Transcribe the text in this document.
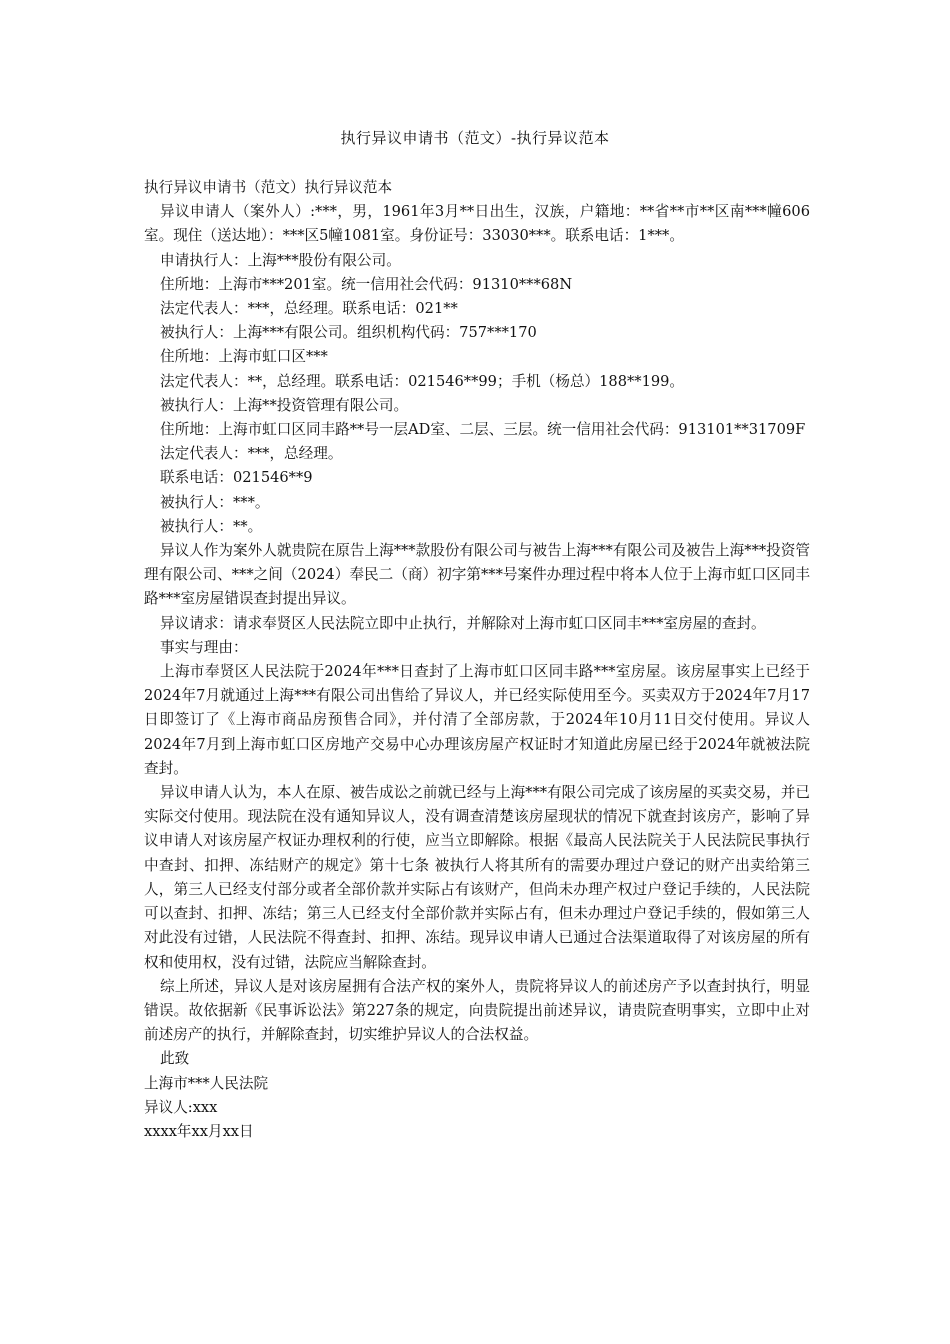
执行异议申请书（范文）-执行异议范本

执行异议申请书（范文）执行异议范本

异议申请人（案外人）:***，男，1961年3月**日出生，汉族，户籍地：**省**市**区南***幢606室。现住（送达地）：***区5幢1081室。身份证号：33030***。联系电话：1***。

申请执行人：上海***股份有限公司。

住所地：上海市***201室。统一信用社会代码：91310***68N

法定代表人：***，总经理。联系电话：021**

被执行人：上海***有限公司。组织机构代码：757***170

住所地：上海市虹口区***

法定代表人：**，总经理。联系电话：021546**99；手机（杨总）188**199。

被执行人：上海**投资管理有限公司。

住所地：上海市虹口区同丰路**号一层AD室、二层、三层。统一信用社会代码：913101**31709F

法定代表人：***，总经理。

联系电话：021546**9

被执行人：***。

被执行人：**。

异议人作为案外人就贵院在原告上海***款股份有限公司与被告上海***有限公司及被告上海***投资管理有限公司、***之间（2024）奉民二（商）初字第***号案件办理过程中将本人位于上海市虹口区同丰路***室房屋错误查封提出异议。

异议请求：请求奉贤区人民法院立即中止执行，并解除对上海市虹口区同丰***室房屋的查封。

事实与理由：

上海市奉贤区人民法院于2024年***日查封了上海市虹口区同丰路***室房屋。该房屋事实上已经于2024年7月就通过上海***有限公司出售给了异议人，并已经实际使用至今。买卖双方于2024年7月17日即签订了《上海市商品房预售合同》，并付清了全部房款，于2024年10月11日交付使用。异议人2024年7月到上海市虹口区房地产交易中心办理该房屋产权证时才知道此房屋已经于2024年就被法院查封。

异议申请人认为，本人在原、被告成讼之前就已经与上海***有限公司完成了该房屋的买卖交易，并已实际交付使用。现法院在没有通知异议人，没有调查清楚该房屋现状的情况下就查封该房产，影响了异议申请人对该房屋产权证办理权利的行使，应当立即解除。根据《最高人民法院关于人民法院民事执行中查封、扣押、冻结财产的规定》第十七条 被执行人将其所有的需要办理过户登记的财产出卖给第三人，第三人已经支付部分或者全部价款并实际占有该财产，但尚未办理产权过户登记手续的，人民法院可以查封、扣押、冻结；第三人已经支付全部价款并实际占有，但未办理过户登记手续的，假如第三人对此没有过错，人民法院不得查封、扣押、冻结。现异议申请人已通过合法渠道取得了对该房屋的所有权和使用权，没有过错，法院应当解除查封。

综上所述，异议人是对该房屋拥有合法产权的案外人，贵院将异议人的前述房产予以查封执行，明显错误。故依据新《民事诉讼法》第227条的规定，向贵院提出前述异议，请贵院查明事实，立即中止对前述房产的执行，并解除查封，切实维护异议人的合法权益。

此致

上海市***人民法院

异议人:xxx

xxxx年xx月xx日
